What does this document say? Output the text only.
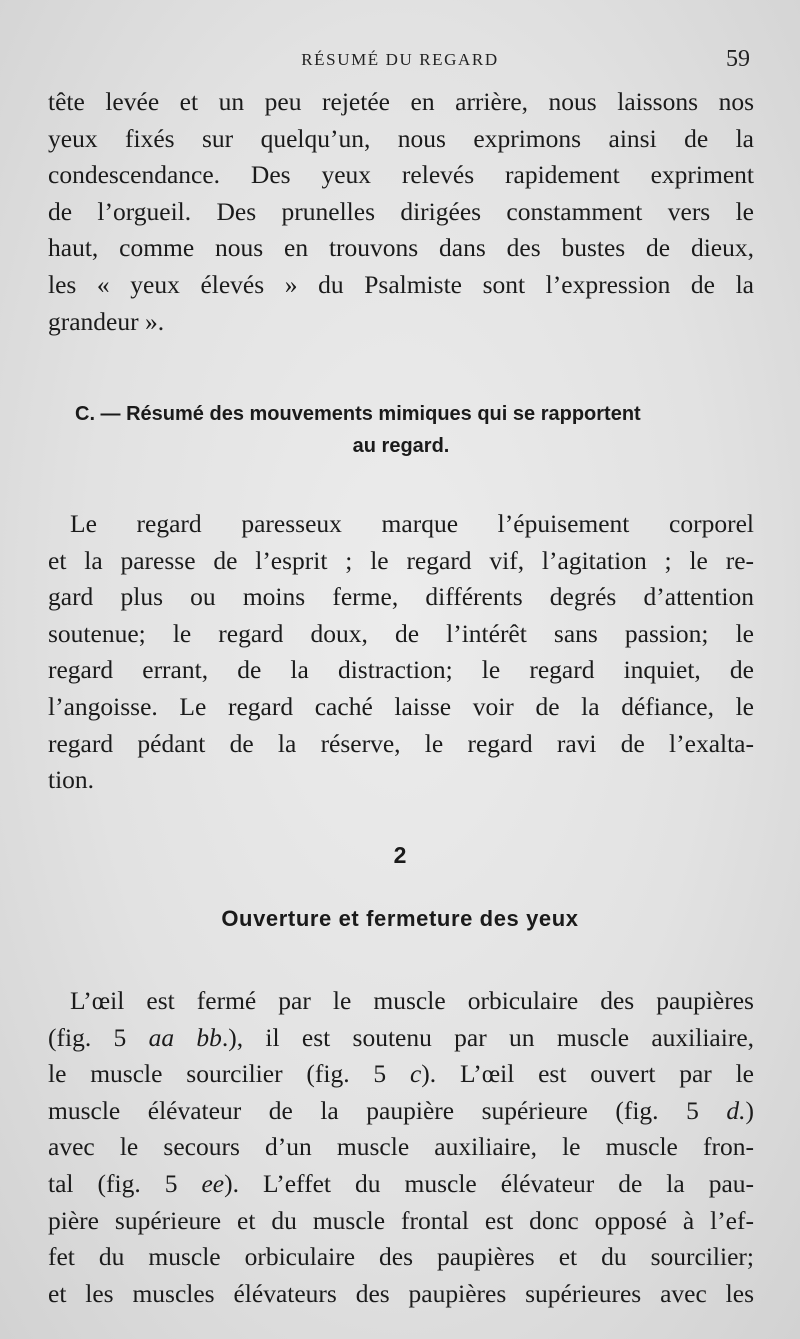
RÉSUMÉ DU REGARD	59
tête levée et un peu rejetée en arrière, nous laissons nos
yeux fixés sur quelqu’un, nous exprimons ainsi de la
condescendance. Des yeux relevés rapidement expriment
de l’orgueil. Des prunelles dirigées constamment vers le
haut, comme nous en trouvons dans des bustes de dieux,
les « yeux élevés » du Psalmiste sont l’expression de la
grandeur ».
C. — Résumé des mouvements mimiques qui se rapportent
au regard.
Le regard paresseux marque l’épuisement corporel
et la paresse de l’esprit ; le regard vif, l’agitation ; le re-
gard plus ou moins ferme, différents degrés d’attention
soutenue; le regard doux, de l’intérêt sans passion; le
regard errant, de la distraction; le regard inquiet, de
l’angoisse. Le regard caché laisse voir de la défiance, le
regard pédant de la réserve, le regard ravi de l’exalta-
tion.
2
Ouverture et fermeture des yeux
L’œil est fermé par le muscle orbiculaire des paupières
(fig. 5 aa bb.), il est soutenu par un muscle auxiliaire,
le muscle sourcilier (fig. 5 c). L’œil est ouvert par le
muscle élévateur de la paupière supérieure (fig. 5 d.)
avec le secours d’un muscle auxiliaire, le muscle fron-
tal (fig. 5 ee). L’effet du muscle élévateur de la pau-
pière supérieure et du muscle frontal est donc opposé à l’ef-
fet du muscle orbiculaire des paupières et du sourcilier;
et les muscles élévateurs des paupières supérieures avec les
